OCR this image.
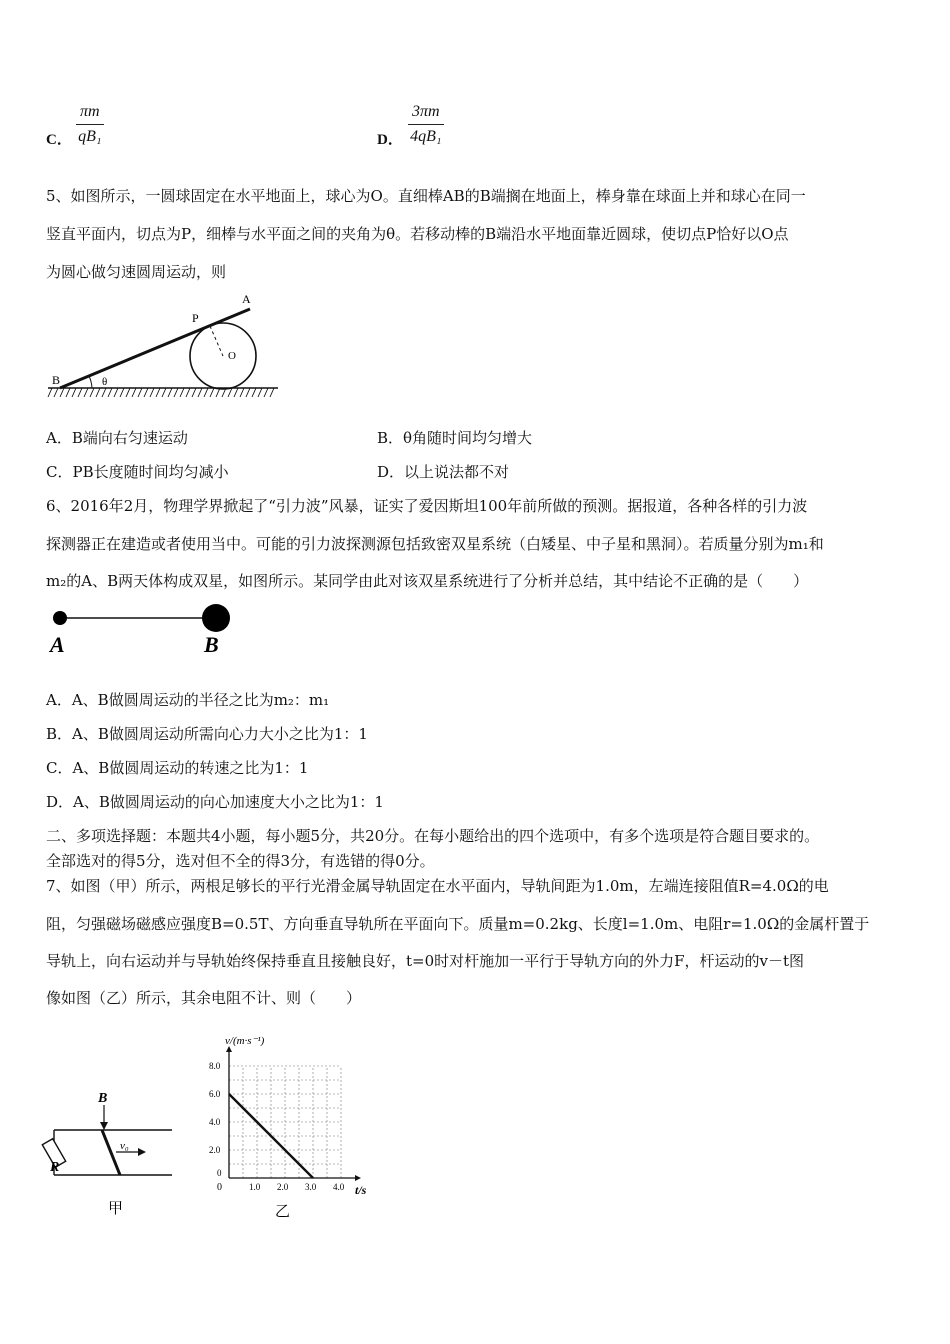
C． $\frac{\pi m}{\text{qB₁}}$	D． $\frac{3\pi m}{\text{4qB₁}}$
5、如图所示，一圆球固定在水平地面上，球心为O。直细棒AB的B端搁在地面上，棒身靠在球面上并和球心在同一
竖直平面内，切点为P，细棒与水平面之间的夹角为θ。若移动棒的B端沿水平地面靠近圆球，使切点P恰好以O点
为圆心做匀速圆周运动，则
A
P
O
B	θ
A．B端向右匀速运动	B．θ角随时间均匀增大
C．PB长度随时间均匀减小	D．以上说法都不对
6、2016年2月，物理学界掀起了“引力波”风暴，证实了爱因斯坦100年前所做的预测。据报道，各种各样的引力波
探测器正在建造或者使用当中。可能的引力波探测源包括致密双星系统（白矮星、中子星和黑洞）。若质量分别为m₁和
m₂的A、B两天体构成双星，如图所示。某同学由此对该双星系统进行了分析并总结，其中结论不正确的是（　　）
A	B
A．A、B做圆周运动的半径之比为m₂：m₁
B．A、B做圆周运动所需向心力大小之比为1：1
C．A、B做圆周运动的转速之比为1：1
D．A、B做圆周运动的向心加速度大小之比为1：1
二、多项选择题：本题共4小题，每小题5分，共20分。在每小题给出的四个选项中，有多个选项是符合题目要求的。
全部选对的得5分，选对但不全的得3分，有选错的得0分。
7、如图（甲）所示，两根足够长的平行光滑金属导轨固定在水平面内，导轨间距为1.0m，左端连接阻值R=4.0Ω的电
阻，匀强磁场磁感应强度B=0.5T、方向垂直导轨所在平面向下。质量m=0.2kg、长度l=1.0m、电阻r=1.0Ω的金属杆置于
导轨上，向右运动并与导轨始终保持垂直且接触良好，t=0时对杆施加一平行于导轨方向的外力F，杆运动的v－t图
像如图（乙）所示，其余电阻不计、则（　　）
B
v₀
R
甲
1.0 2.0 3.0 4.0
2.0
4.0
6.0
8.0
0
v/(m·s⁻¹)
t/s
0
乙
